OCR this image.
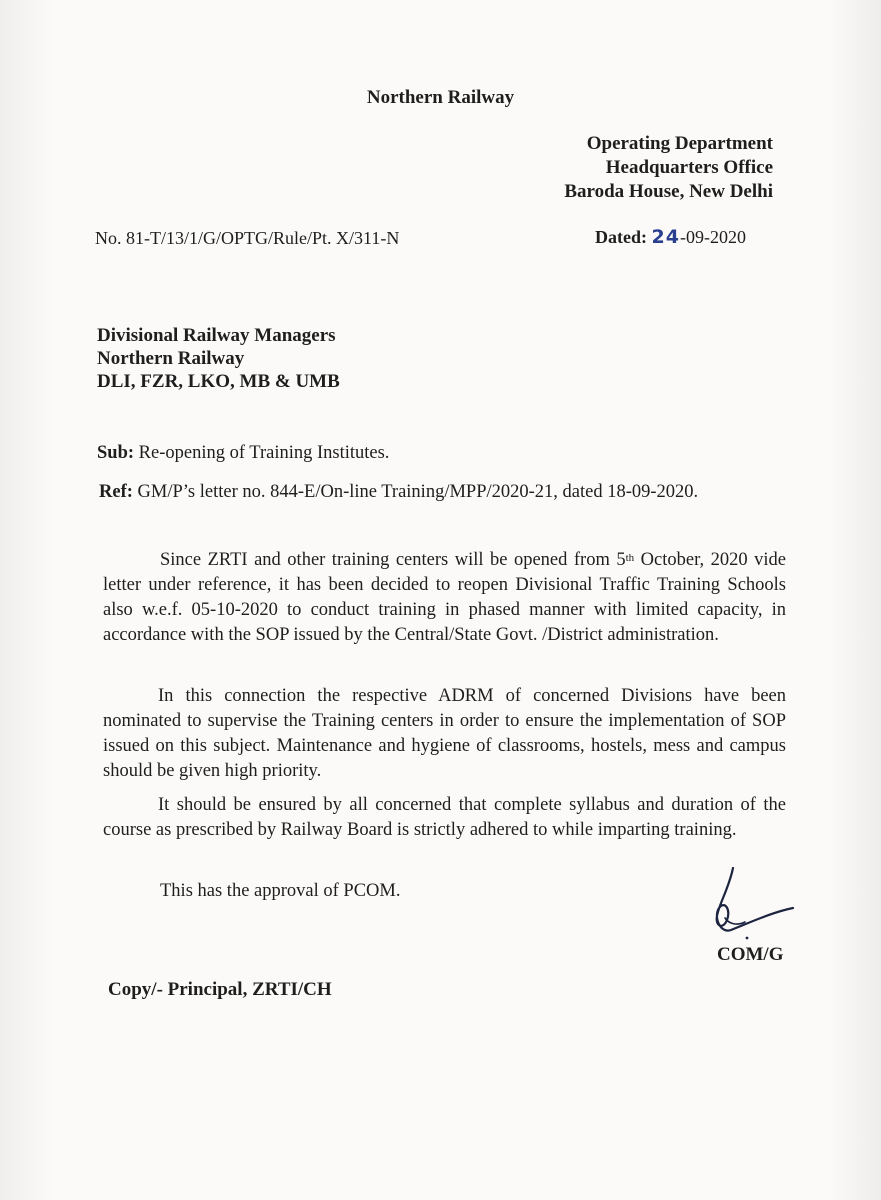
Northern Railway
Operating Department
Headquarters Office
Baroda House, New Delhi
No. 81-T/13/1/G/OPTG/Rule/Pt. X/311-N	Dated: 24-09-2020
Divisional Railway Managers
Northern Railway
DLI, FZR, LKO, MB & UMB
Sub: Re-opening of Training Institutes.
Ref: GM/P’s letter no. 844-E/On-line Training/MPP/2020-21, dated 18-09-2020.
Since ZRTI and other training centers will be opened from 5th October, 2020 vide letter under reference, it has been decided to reopen Divisional Traffic Training Schools also w.e.f. 05-10-2020 to conduct training in phased manner with limited capacity, in accordance with the SOP issued by the Central/State Govt. /District administration.
In this connection the respective ADRM of concerned Divisions have been nominated to supervise the Training centers in order to ensure the implementation of SOP issued on this subject. Maintenance and hygiene of classrooms, hostels, mess and campus should be given high priority.
It should be ensured by all concerned that complete syllabus and duration of the course as prescribed by Railway Board is strictly adhered to while imparting training.
This has the approval of PCOM.
COM/G
Copy/- Principal, ZRTI/CH
